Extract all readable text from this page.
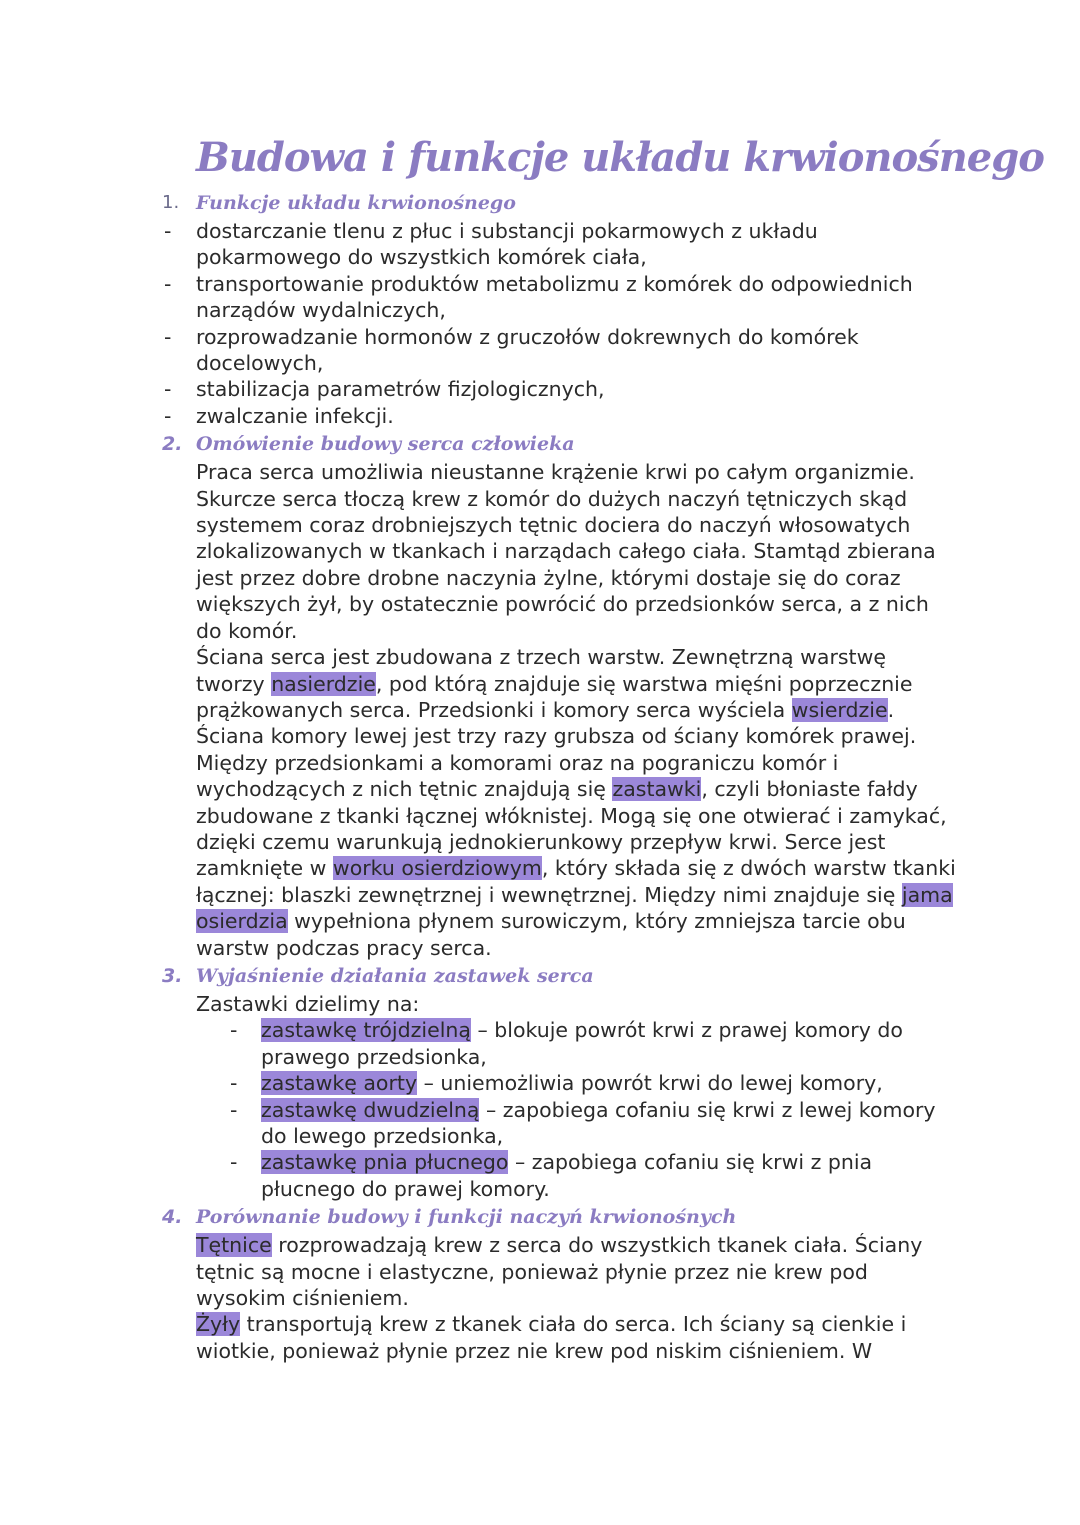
Budowa i funkcje układu krwionośnego
1. Funkcje układu krwionośnego
- dostarczanie tlenu z płuc i substancji pokarmowych z układu pokarmowego do wszystkich komórek ciała,
- transportowanie produktów metabolizmu z komórek do odpowiednich narządów wydalniczych,
- rozprowadzanie hormonów z gruczołów dokrewnych do komórek docelowych,
- stabilizacja parametrów fizjologicznych,
- zwalczanie infekcji.
2. Omówienie budowy serca człowieka
Praca serca umożliwia nieustanne krążenie krwi po całym organizmie. Skurcze serca tłoczą krew z komór do dużych naczyń tętniczych skąd systemem coraz drobniejszych tętnic dociera do naczyń włosowatych zlokalizowanych w tkankach i narządach całego ciała. Stamtąd zbierana jest przez dobre drobne naczynia żylne, którymi dostaje się do coraz większych żył, by ostatecznie powrócić do przedsionków serca, a z nich do komór.
Ściana serca jest zbudowana z trzech warstw. Zewnętrzną warstwę tworzy nasierdzie, pod którą znajduje się warstwa mięśni poprzecznie prążkowanych serca. Przedsionki i komory serca wyściela wsierdzie. Ściana komory lewej jest trzy razy grubsza od ściany komórek prawej. Między przedsionkami a komorami oraz na pograniczu komór i wychodzących z nich tętnic znajdują się zastawki, czyli błoniaste fałdy zbudowane z tkanki łącznej włóknistej. Mogą się one otwierać i zamykać, dzięki czemu warunkują jednokierunkowy przepływ krwi. Serce jest zamknięte w worku osierdziowym, który składa się z dwóch warstw tkanki łącznej: blaszki zewnętrznej i wewnętrznej. Między nimi znajduje się jama osierdzia wypełniona płynem surowiczym, który zmniejsza tarcie obu warstw podczas pracy serca.
3. Wyjaśnienie działania zastawek serca
Zastawki dzielimy na:
- zastawkę trójdzielną – blokuje powrót krwi z prawej komory do prawego przedsionka,
- zastawkę aorty – uniemożliwia powrót krwi do lewej komory,
- zastawkę dwudzielną – zapobiega cofaniu się krwi z lewej komory do lewego przedsionka,
- zastawkę pnia płucnego – zapobiega cofaniu się krwi z pnia płucnego do prawej komory.
4. Porównanie budowy i funkcji naczyń krwionośnych
Tętnice rozprowadzają krew z serca do wszystkich tkanek ciała. Ściany tętnic są mocne i elastyczne, ponieważ płynie przez nie krew pod wysokim ciśnieniem.
Żyły transportują krew z tkanek ciała do serca. Ich ściany są cienkie i wiotkie, ponieważ płynie przez nie krew pod niskim ciśnieniem. W
